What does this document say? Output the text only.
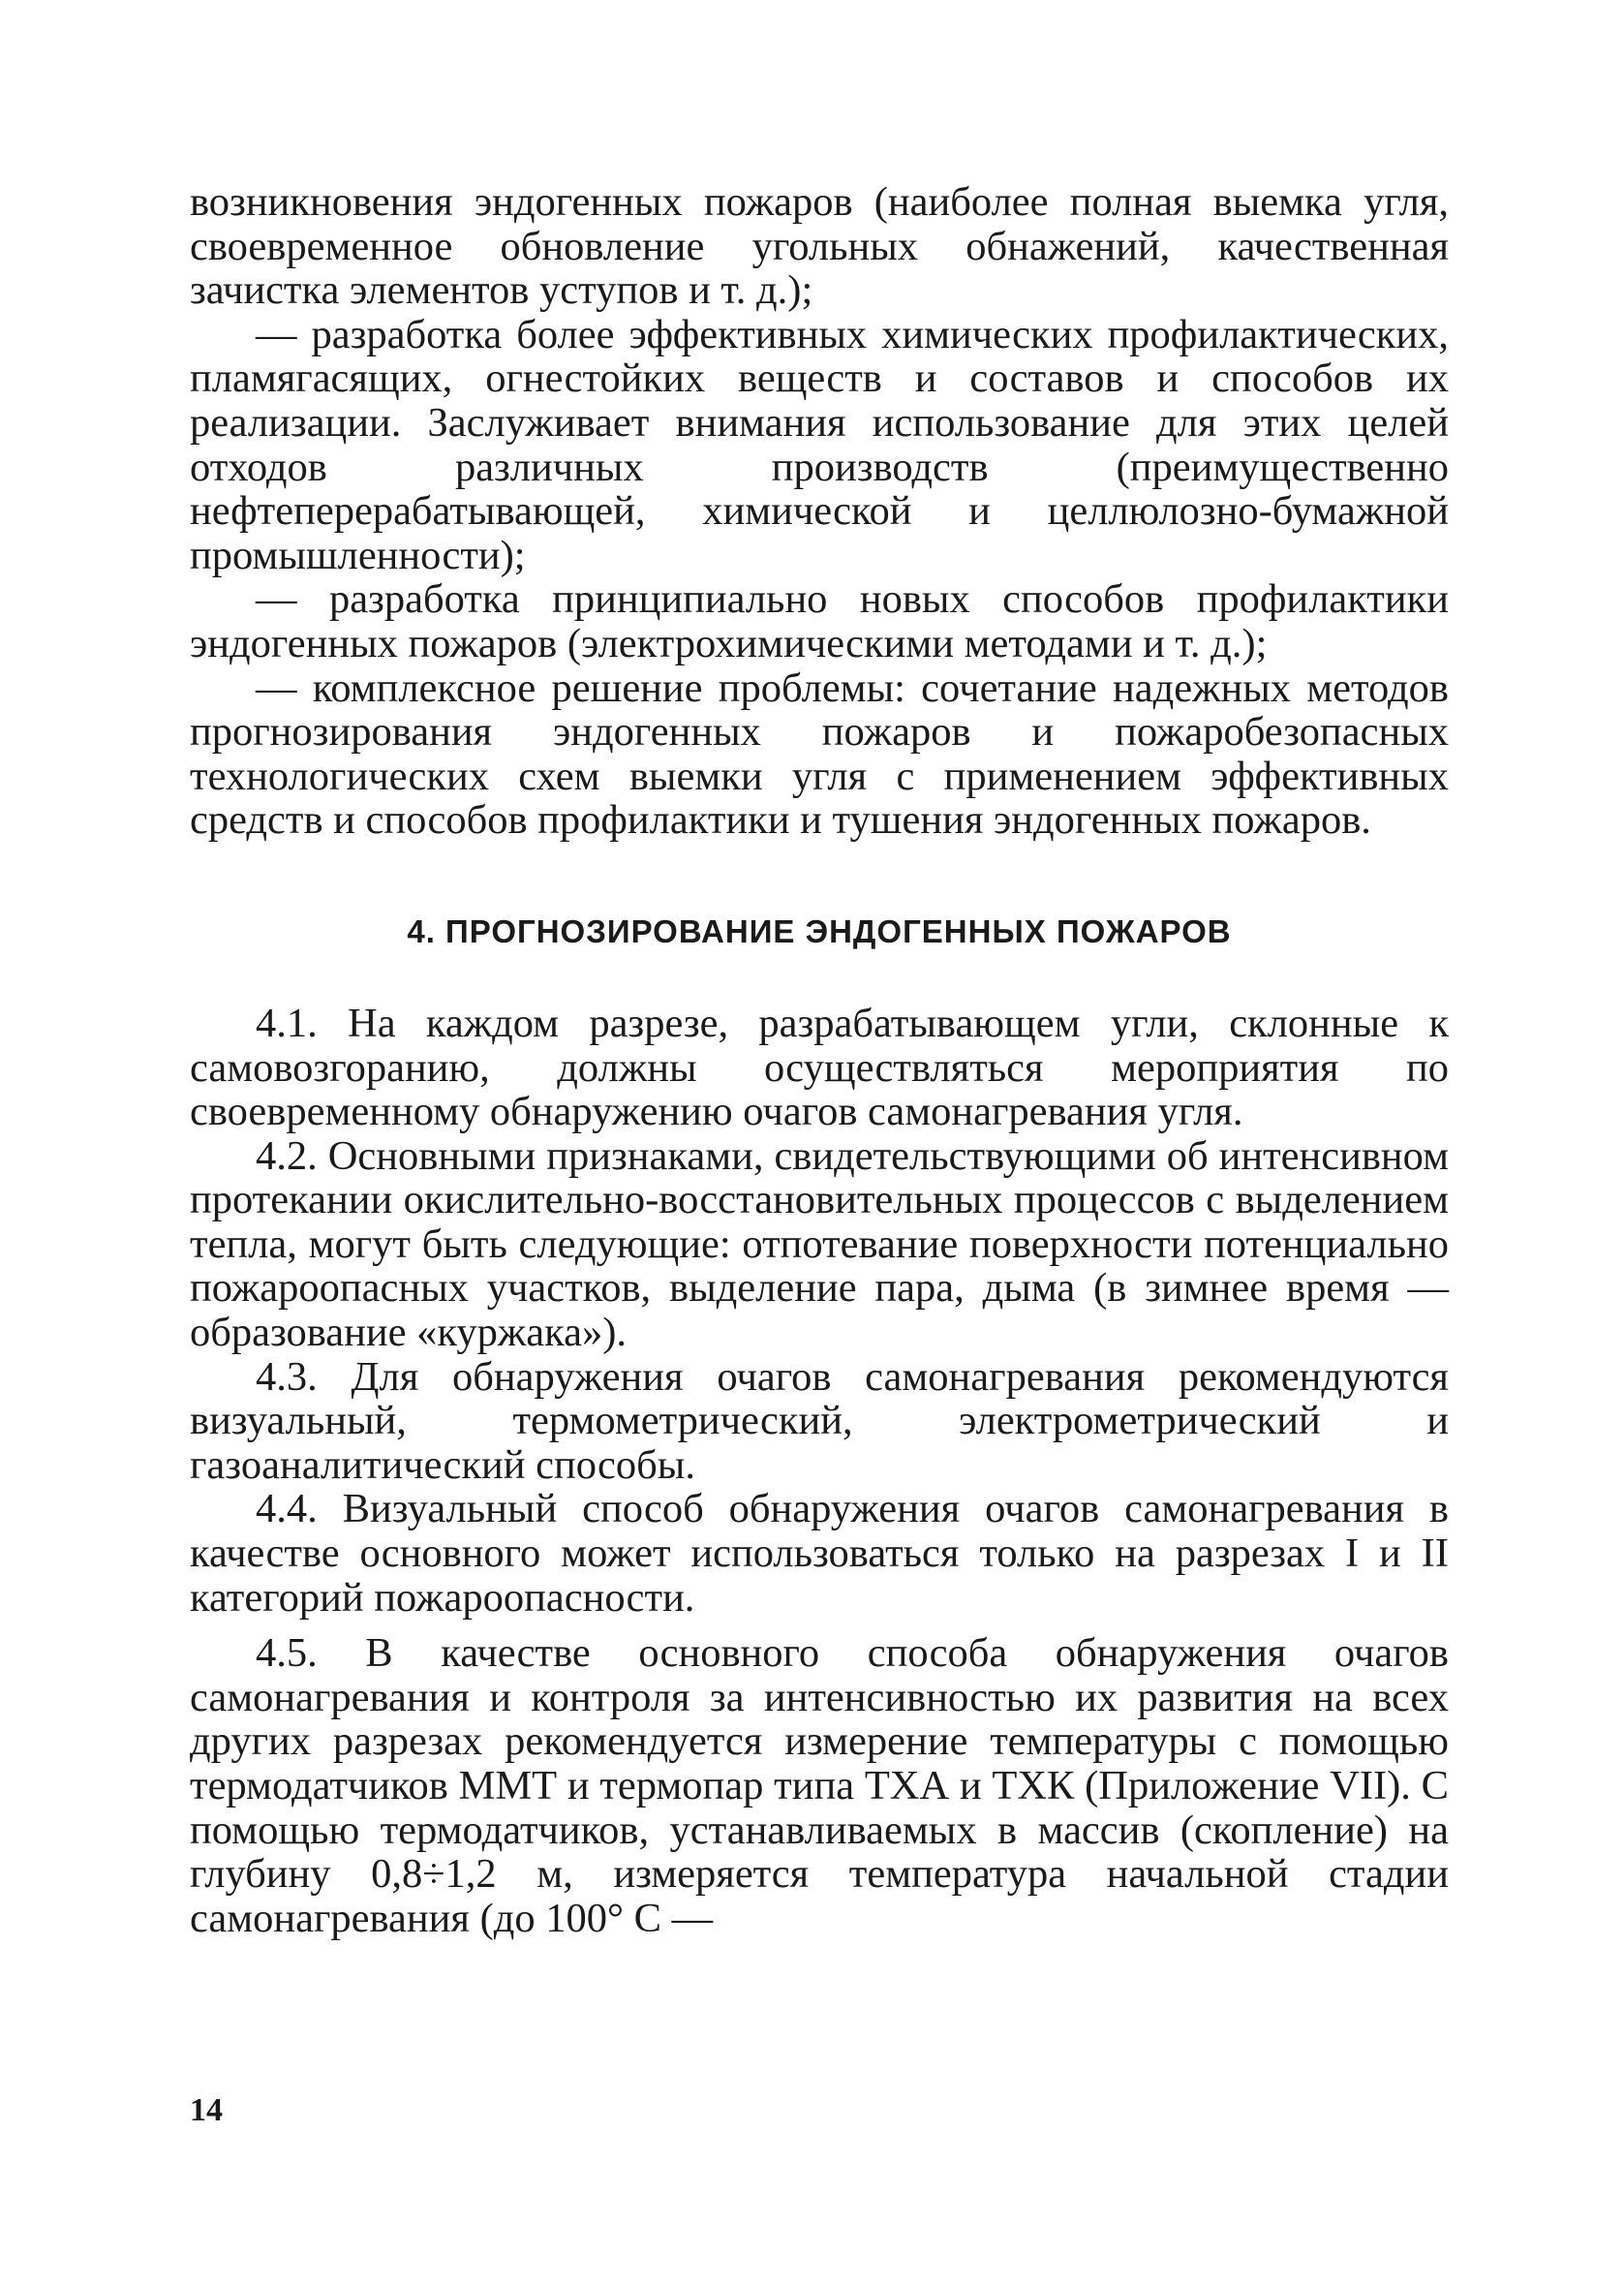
возникновения эндогенных пожаров (наиболее полная выемка угля, своевременное обновление угольных обнажений, качественная зачистка элементов уступов и т. д.);

— разработка более эффективных химических профилактических, пламягасящих, огнестойких веществ и составов и способов их реализации. Заслуживает внимания использование для этих целей отходов различных производств (преимущественно нефтеперерабатывающей, химической и целлюлозно-бумажной промышленности);

— разработка принципиально новых способов профилактики эндогенных пожаров (электрохимическими методами и т. д.);

— комплексное решение проблемы: сочетание надежных методов прогнозирования эндогенных пожаров и пожаробезопасных технологических схем выемки угля с применением эффективных средств и способов профилактики и тушения эндогенных пожаров.

4. ПРОГНОЗИРОВАНИЕ ЭНДОГЕННЫХ ПОЖАРОВ

4.1. На каждом разрезе, разрабатывающем угли, склонные к самовозгоранию, должны осуществляться мероприятия по своевременному обнаружению очагов самонагревания угля.

4.2. Основными признаками, свидетельствующими об интенсивном протекании окислительно-восстановительных процессов с выделением тепла, могут быть следующие: отпотевание поверхности потенциально пожароопасных участков, выделение пара, дыма (в зимнее время — образование «куржака»).

4.3. Для обнаружения очагов самонагревания рекомендуются визуальный, термометрический, электрометрический и газоаналитический способы.

4.4. Визуальный способ обнаружения очагов самонагревания в качестве основного может использоваться только на разрезах I и II категорий пожароопасности.

4.5. В качестве основного способа обнаружения очагов самонагревания и контроля за интенсивностью их развития на всех других разрезах рекомендуется измерение температуры с помощью термодатчиков ММТ и термопар типа ТХА и ТХК (Приложение VII). С помощью термодатчиков, устанавливаемых в массив (скопление) на глубину 0,8÷1,2 м, измеряется температура начальной стадии самонагревания (до 100° С —

14
